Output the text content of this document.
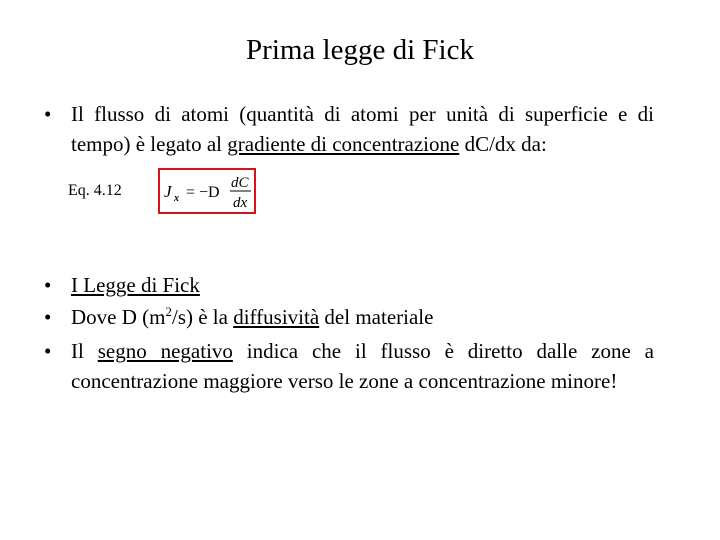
Prima legge di Fick
• Il flusso di atomi (quantità di atomi per unità di superficie e di tempo) è legato al gradiente di concentrazione dC/dx da:
Eq. 4.12 J x = −D
dC
dx
• I Legge di Fick
• Dove D $(m^2/s)$ è la diffusività del materiale
• Il segno negativo indica che il flusso è diretto dalle zone a concentrazione maggiore verso le zone a concentrazione minore!
